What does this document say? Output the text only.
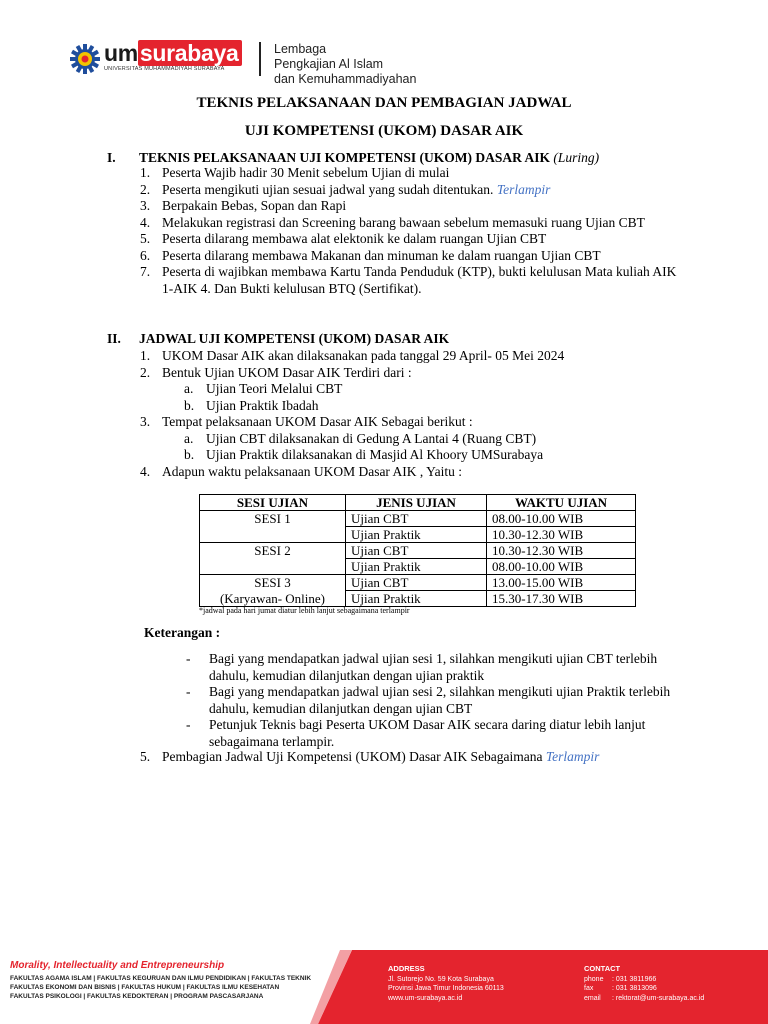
umsurabaya
UNIVERSITAS MUHAMMADIYAH SURABAYA
Lembaga
Pengkajian Al Islam
dan Kemuhammadiyahan
TEKNIS PELAKSANAAN DAN PEMBAGIAN JADWAL
UJI KOMPETENSI (UKOM) DASAR AIK
I. TEKNIS PELAKSANAAN UJI KOMPETENSI (UKOM) DASAR AIK (Luring)
1. Peserta Wajib hadir 30 Menit sebelum Ujian di mulai
2. Peserta mengikuti ujian sesuai jadwal yang sudah ditentukan. Terlampir
3. Berpakain Bebas, Sopan dan Rapi
4. Melakukan registrasi dan Screening barang bawaan sebelum memasuki ruang Ujian CBT
5. Peserta dilarang membawa alat elektonik ke dalam ruangan Ujian CBT
6. Peserta dilarang membawa Makanan dan minuman ke dalam ruangan Ujian CBT
7. Peserta di wajibkan membawa Kartu Tanda Penduduk (KTP), bukti kelulusan Mata kuliah AIK 1-AIK 4. Dan Bukti kelulusan BTQ (Sertifikat).
II. JADWAL UJI KOMPETENSI (UKOM) DASAR AIK
1. UKOM Dasar AIK akan dilaksanakan pada tanggal 29 April- 05 Mei 2024
2. Bentuk Ujian UKOM Dasar AIK Terdiri dari :
a. Ujian Teori Melalui CBT
b. Ujian Praktik Ibadah
3. Tempat pelaksanaan UKOM Dasar AIK Sebagai berikut :
a. Ujian CBT dilaksanakan di Gedung A Lantai 4 (Ruang CBT)
b. Ujian Praktik dilaksanakan di Masjid Al Khoory UMSurabaya
4. Adapun waktu pelaksanaan UKOM Dasar AIK , Yaitu :
SESI UJIAN	JENIS UJIAN	WAKTU UJIAN
SESI 1	Ujian CBT	08.00-10.00 WIB
	Ujian Praktik	10.30-12.30 WIB
SESI 2	Ujian CBT	10.30-12.30 WIB
	Ujian Praktik	08.00-10.00 WIB
SESI 3	Ujian CBT	13.00-15.00 WIB
(Karyawan- Online)	Ujian Praktik	15.30-17.30 WIB
*jadwal pada hari jumat diatur lebih lanjut sebagaimana terlampir
Keterangan :
- Bagi yang mendapatkan jadwal ujian sesi 1, silahkan mengikuti ujian CBT terlebih dahulu, kemudian dilanjutkan dengan ujian praktik
- Bagi yang mendapatkan jadwal ujian sesi 2, silahkan mengikuti ujian Praktik terlebih dahulu, kemudian dilanjutkan dengan ujian CBT
- Petunjuk Teknis bagi Peserta UKOM Dasar AIK secara daring diatur lebih lanjut sebagaimana terlampir.
5. Pembagian Jadwal Uji Kompetensi (UKOM) Dasar AIK Sebagaimana Terlampir
Morality, Intellectuality and Entrepreneurship
FAKULTAS AGAMA ISLAM | FAKULTAS KEGURUAN DAN ILMU PENDIDIKAN | FAKULTAS TEKNIK
FAKULTAS EKONOMI DAN BISNIS | FAKULTAS HUKUM | FAKULTAS ILMU KESEHATAN
FAKULTAS PSIKOLOGI | FAKULTAS KEDOKTERAN | PROGRAM PASCASARJANA
ADDRESS
Jl. Sutorejo No. 59 Kota Surabaya
Provinsi Jawa Timur Indonesia 60113
www.um-surabaya.ac.id
CONTACT
phone : 031 3811966
fax	: 031 3813096
email : rektorat@um-surabaya.ac.id
